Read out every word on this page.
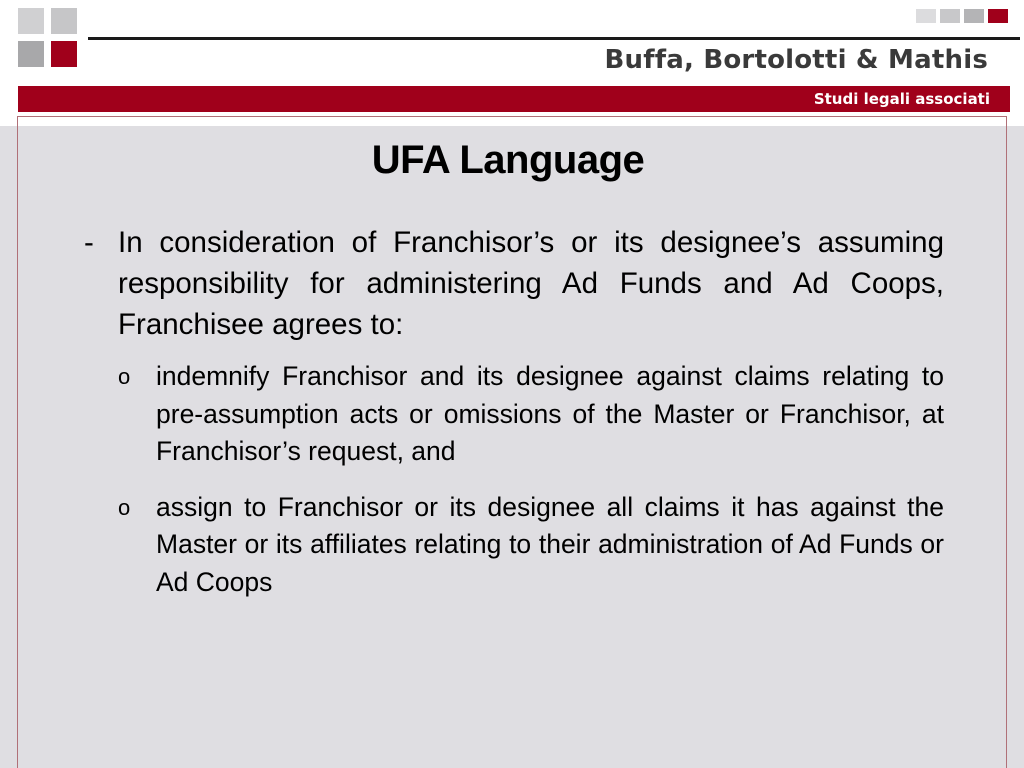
Buffa, Bortolotti & Mathis
Studi legali associati
UFA Language
- In consideration of Franchisor’s or its designee’s assuming responsibility for administering Ad Funds and Ad Coops, Franchisee agrees to:
o indemnify Franchisor and its designee against claims relating to pre-assumption acts or omissions of the Master or Franchisor, at Franchisor’s request, and
o assign to Franchisor or its designee all claims it has against the Master or its affiliates relating to their administration of Ad Funds or Ad Coops
